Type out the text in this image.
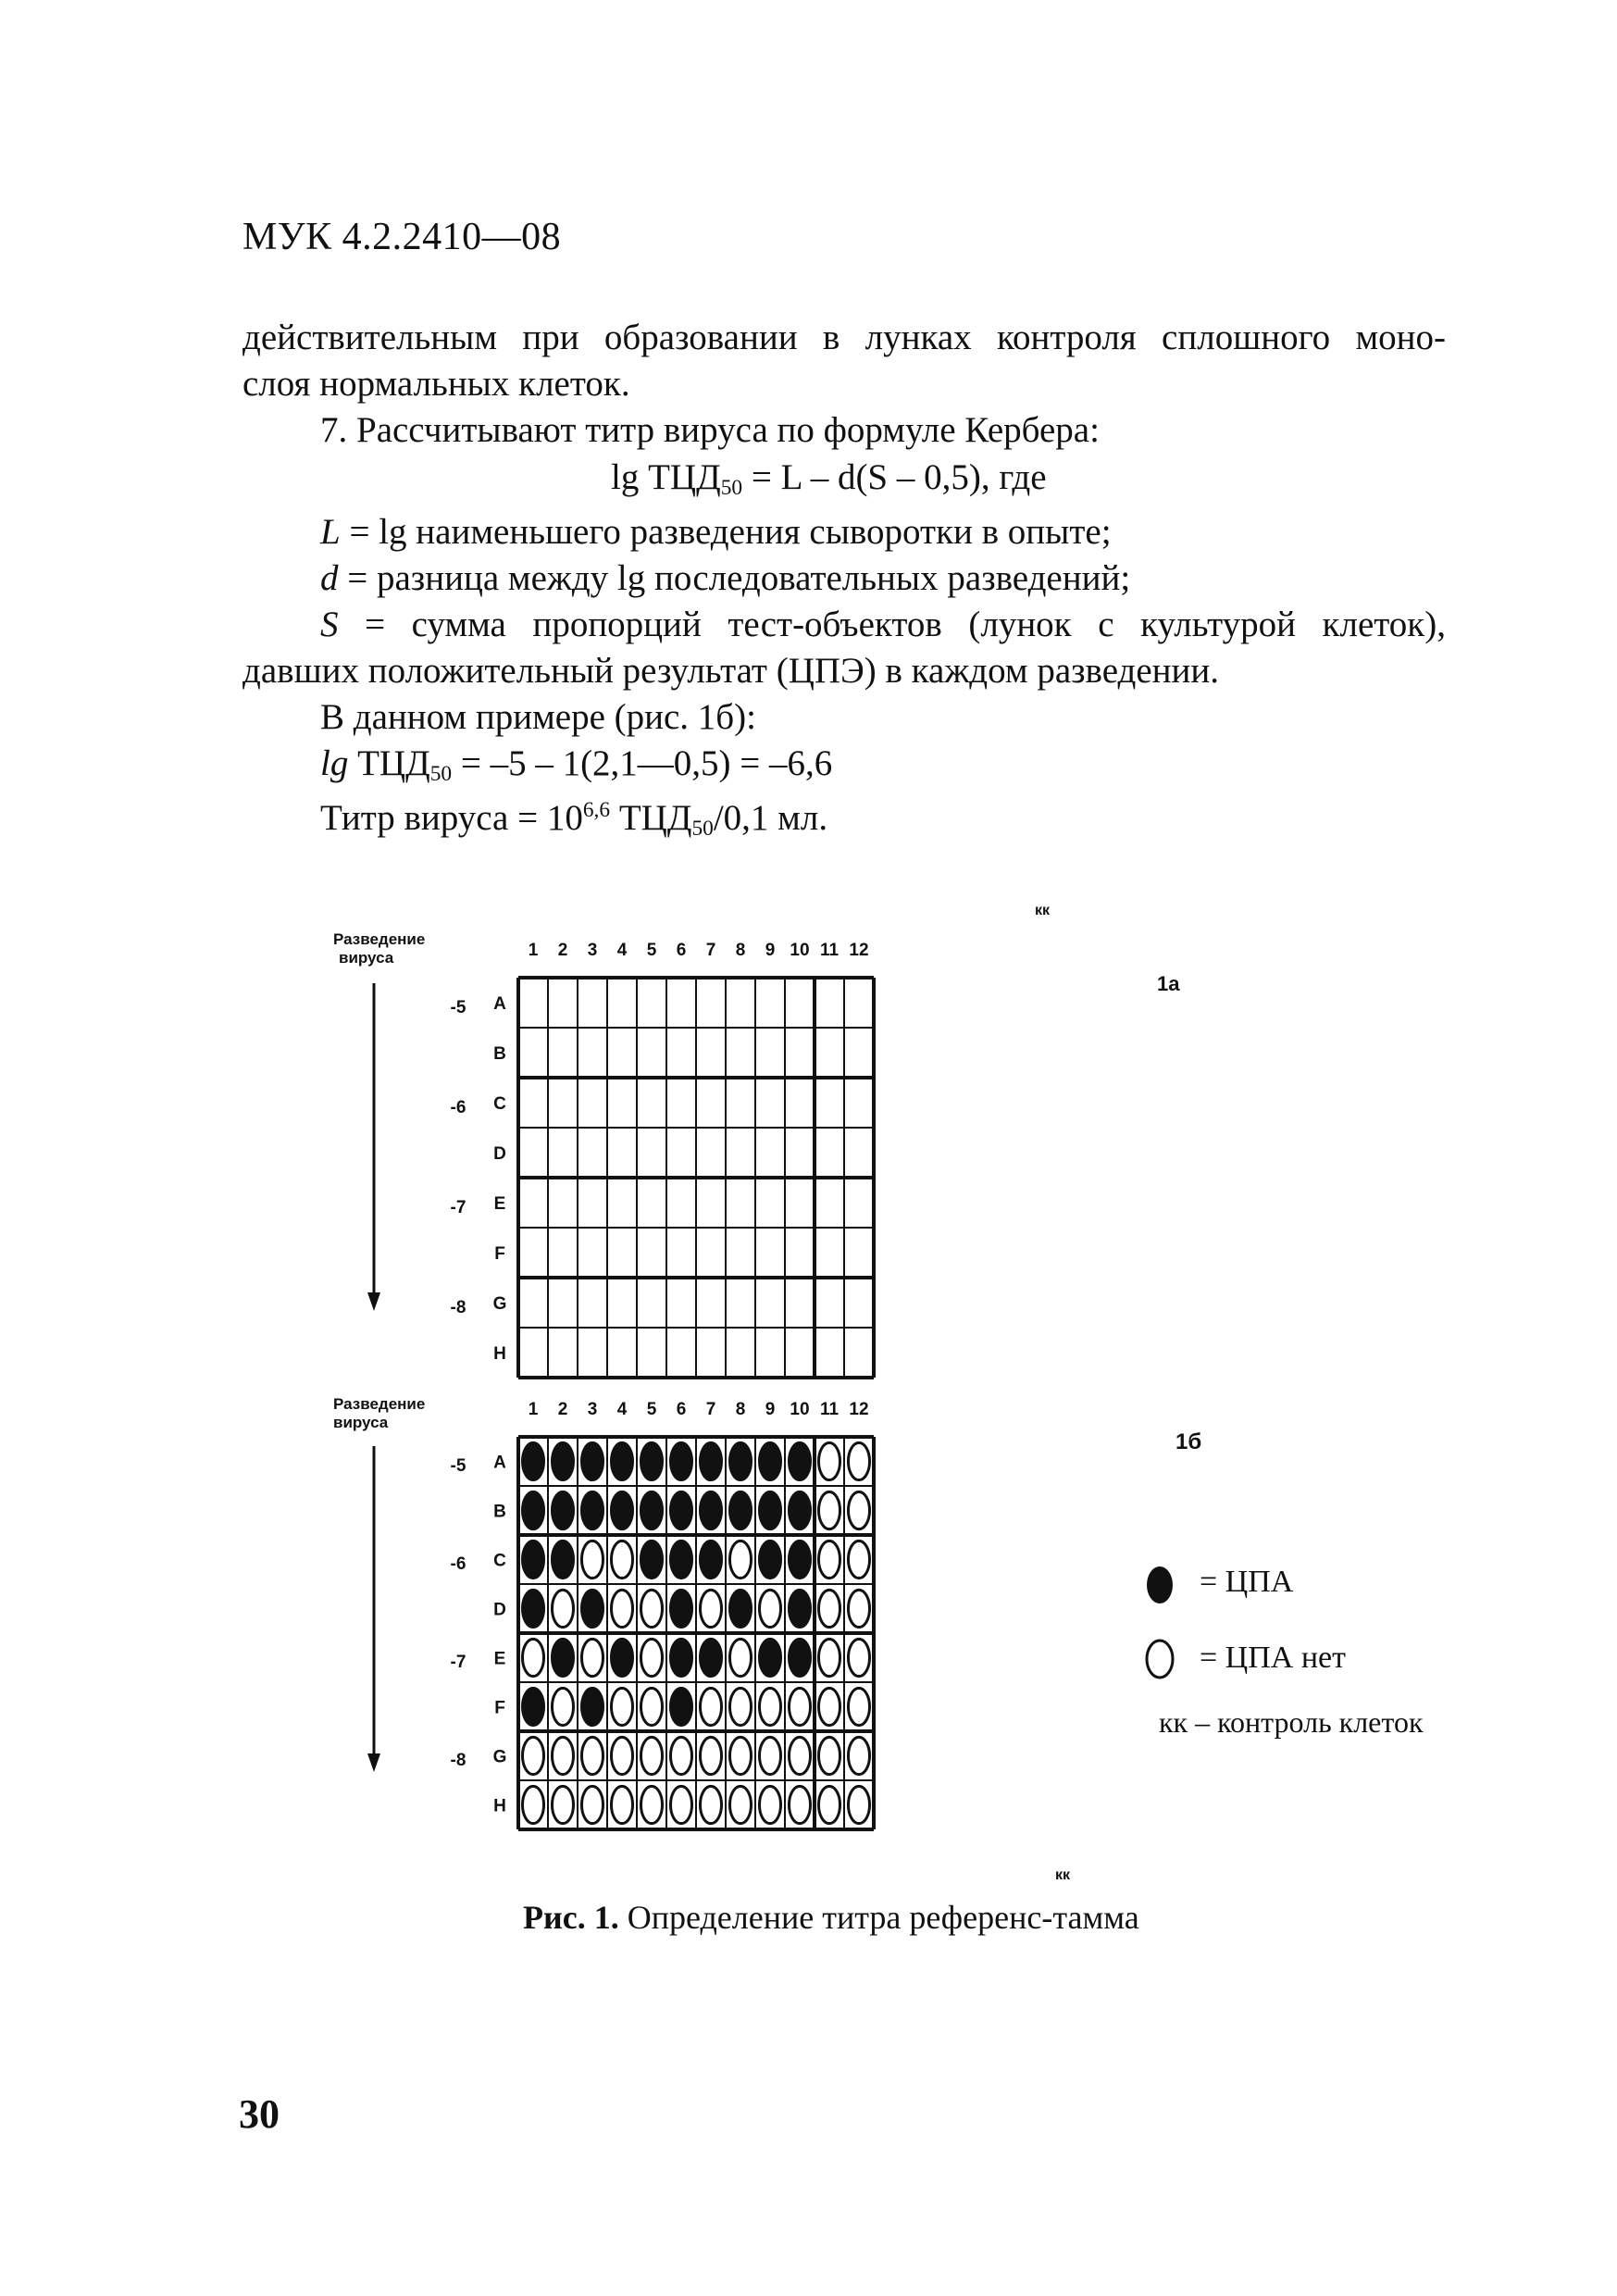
МУК 4.2.2410—08
действительным при образовании в лунках контроля сплошного моно-
слоя нормальных клеток.
7. Рассчитывают титр вируса по формуле Кербера:
$\lg ТЦД_{50} = L - d(S - 0,5)$, где
L = lg наименьшего разведения сыворотки в опыте;
d = разница между lg последовательных разведений;
S = сумма пропорций тест-объектов (лунок с культурой клеток),
давших положительный результат (ЦПЭ) в каждом разведении.
В данном примере (рис. 1б):
$\lg ТЦД_{50} = -5$ – 1(2,1—0,5) = –6,6
Титр вируса = $10^{6,6}$ $ТЦД_{50}/0,1$ мл.
1 2 3 4 5 6 7 8 9 10 11 12
A
B
C
D
E
F
G
H
-5
-6
-7
-8
1 2 3 4 5 6 7 8 9 10 11 12
A
B
C
D
E
F
G
H
-5
-6
-7
-8
Разведение
вируса
Разведение
вируса
кк
кк
1а
1б
= ЦПА
= ЦПА нет
кк – контроль клеток
Рис. 1. Определение титра референс-тамма
30
